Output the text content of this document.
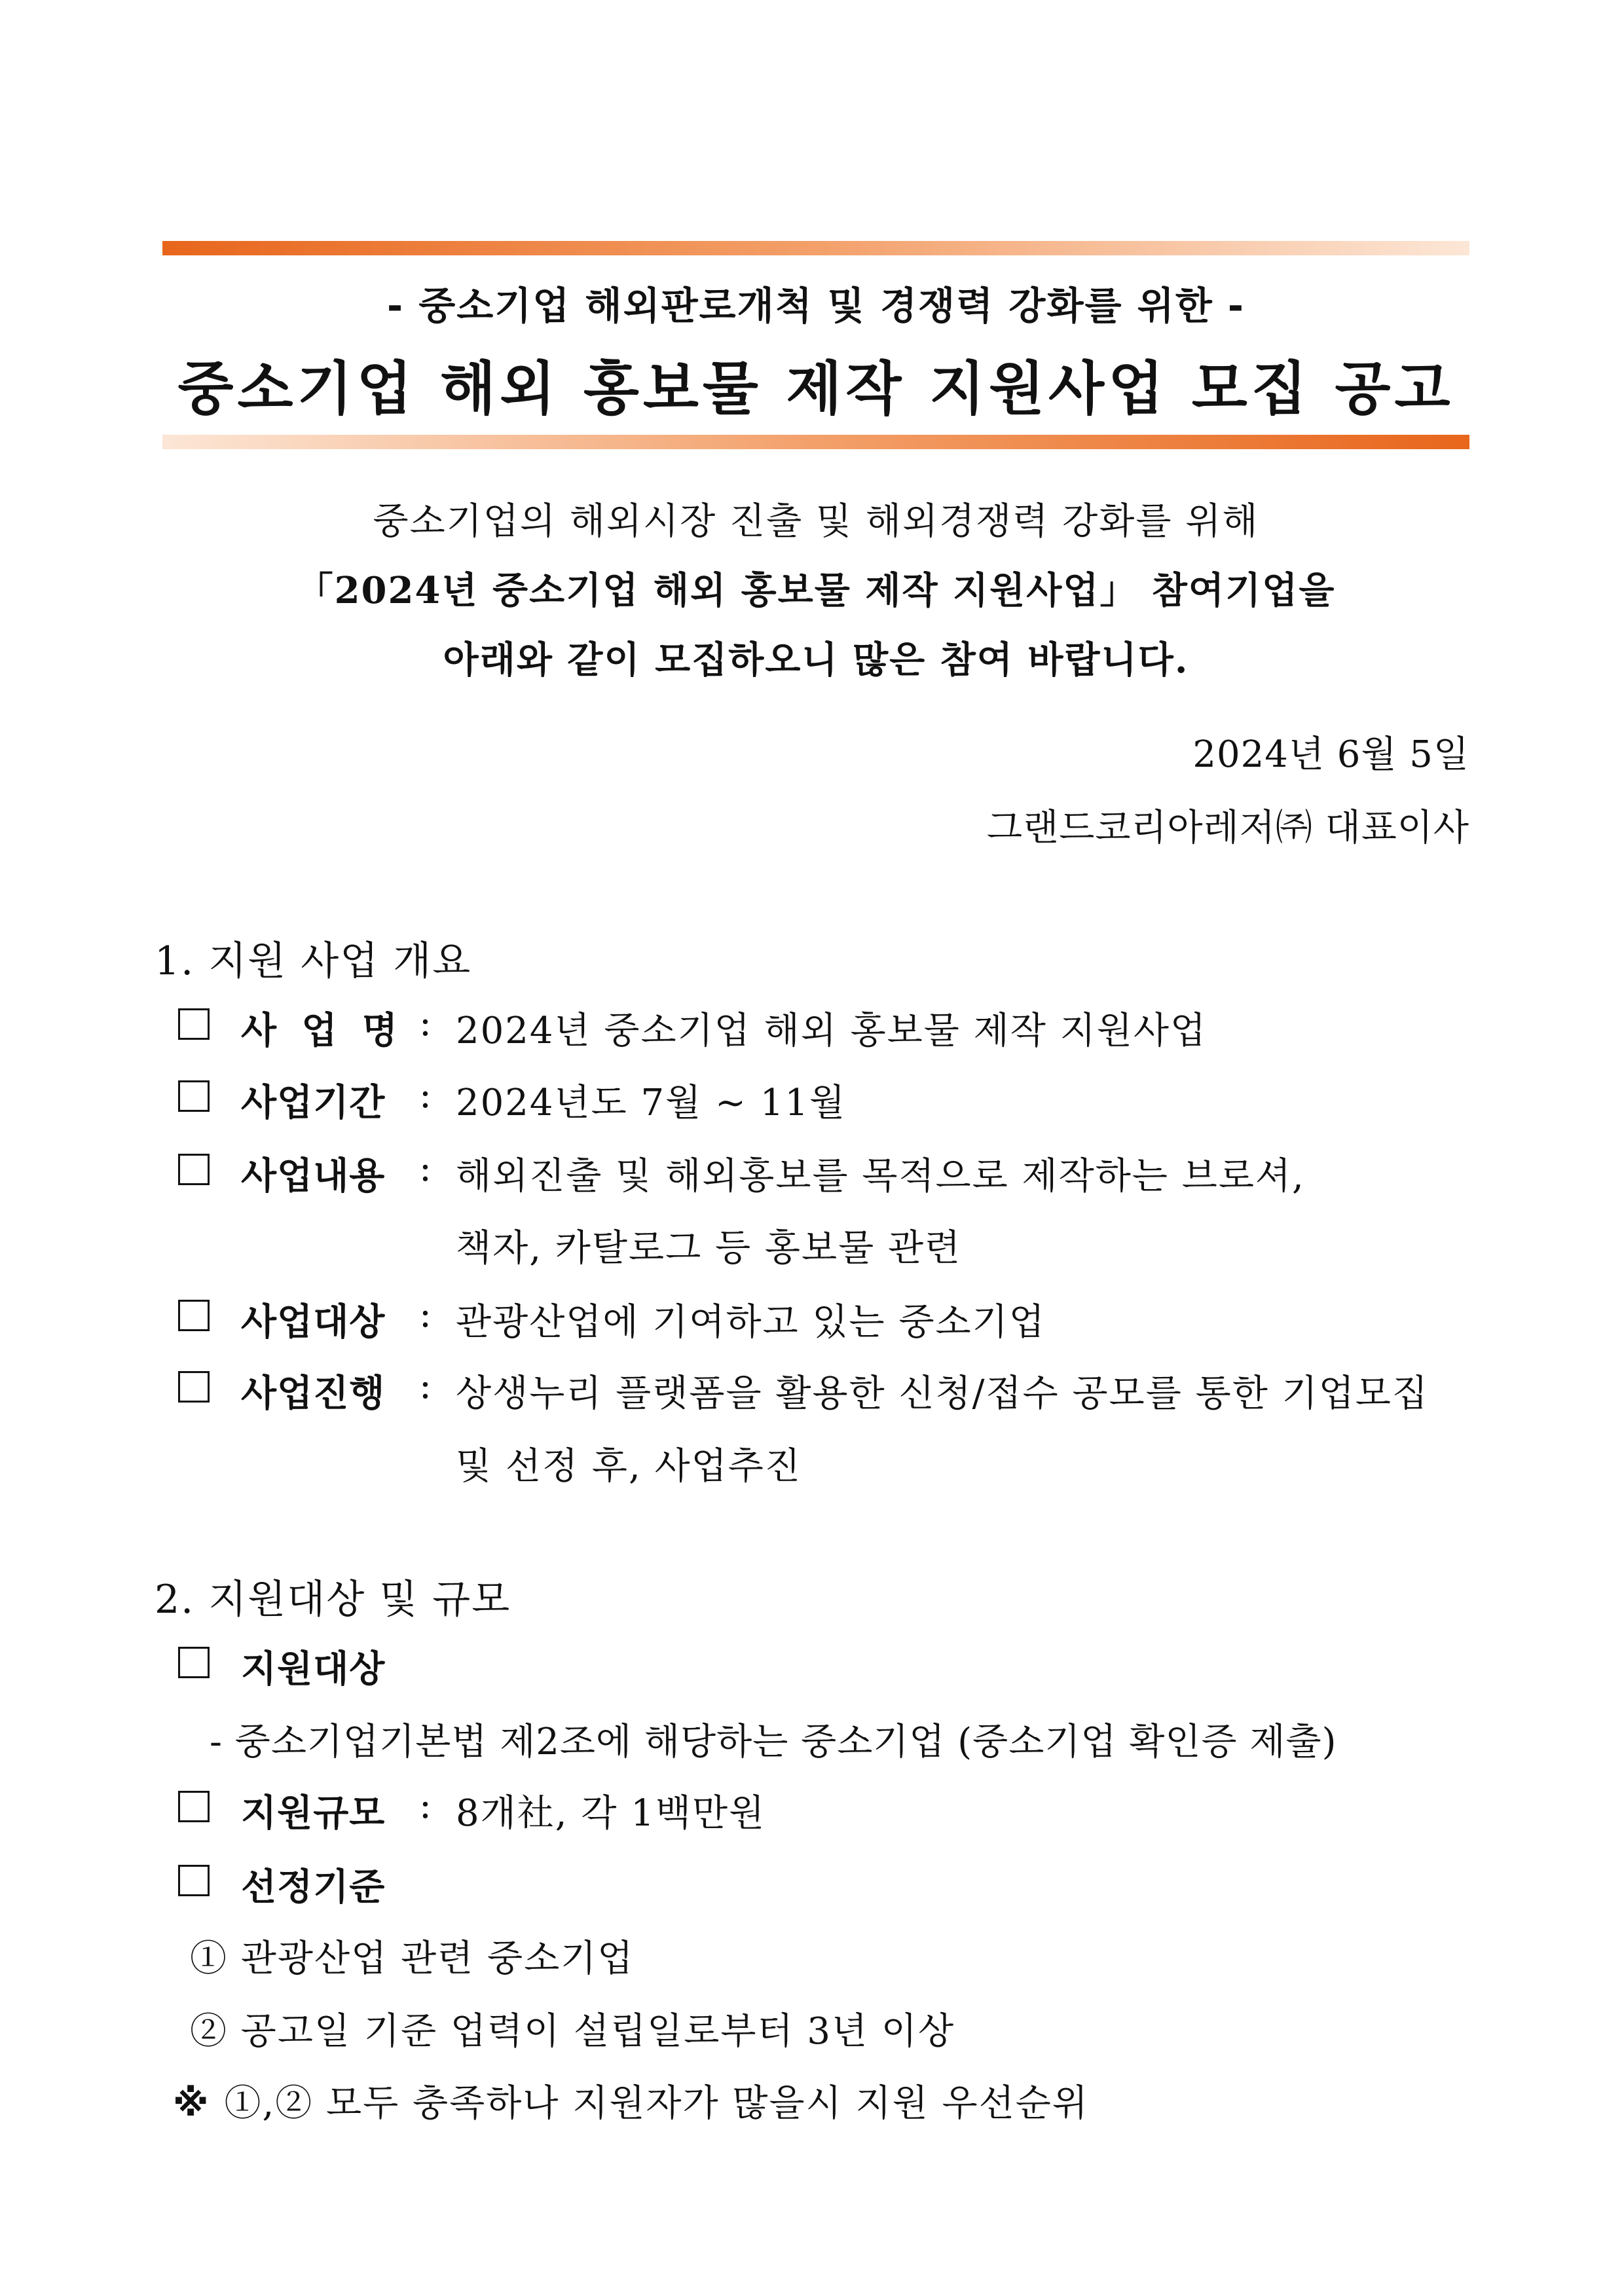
- 중소기업 해외판로개척 및 경쟁력 강화를 위한 -
중소기업 해외 홍보물 제작 지원사업 모집 공고
중소기업의 해외시장 진출 및 해외경쟁력 강화를 위해
「2024년 중소기업 해외 홍보물 제작 지원사업」 참여기업을
아래와 같이 모집하오니 많은 참여 바랍니다.
2024년 6월 5일
그랜드코리아레저㈜ 대표이사
1. 지원 사업 개요
사 업 명 : 2024년 중소기업 해외 홍보물 제작 지원사업
사업기간 : 2024년도 7월 ~ 11월
사업내용 : 해외진출 및 해외홍보를 목적으로 제작하는 브로셔,
책자, 카탈로그 등 홍보물 관련
사업대상 : 관광산업에 기여하고 있는 중소기업
사업진행 : 상생누리 플랫폼을 활용한 신청/접수 공모를 통한 기업모집
및 선정 후, 사업추진
2. 지원대상 및 규모
지원대상
- 중소기업기본법 제2조에 해당하는 중소기업 (중소기업 확인증 제출)
지원규모 : 8개社, 각 1백만원
선정기준
① 관광산업 관련 중소기업
② 공고일 기준 업력이 설립일로부터 3년 이상
※ ①,② 모두 충족하나 지원자가 많을시 지원 우선순위
